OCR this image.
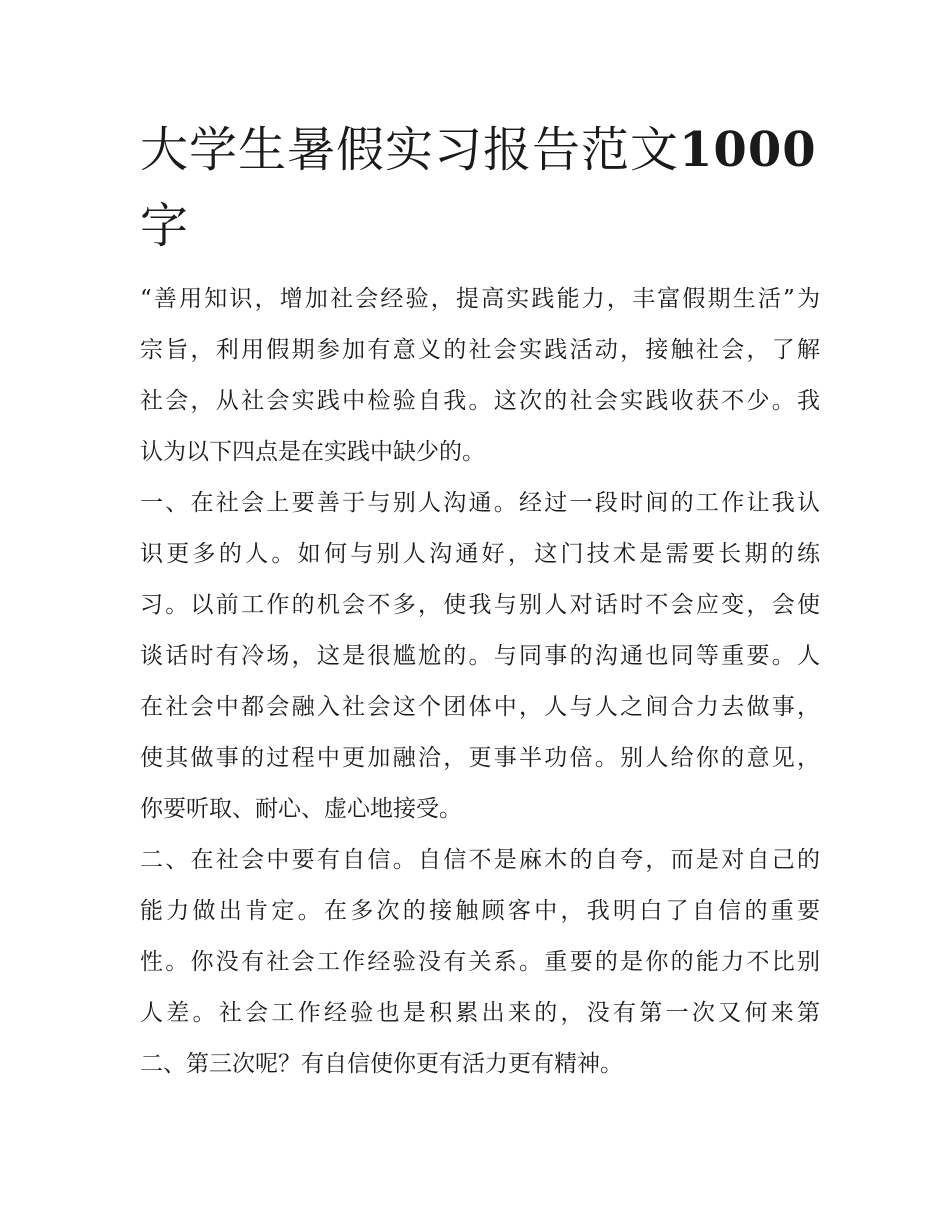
大学生暑假实习报告范文1000
字
“善用知识，增加社会经验，提高实践能力，丰富假期生活”为
宗旨，利用假期参加有意义的社会实践活动，接触社会，了解
社会，从社会实践中检验自我。这次的社会实践收获不少。我
认为以下四点是在实践中缺少的。
一、在社会上要善于与别人沟通。经过一段时间的工作让我认
识更多的人。如何与别人沟通好，这门技术是需要长期的练
习。以前工作的机会不多，使我与别人对话时不会应变，会使
谈话时有冷场，这是很尴尬的。与同事的沟通也同等重要。人
在社会中都会融入社会这个团体中，人与人之间合力去做事，
使其做事的过程中更加融洽，更事半功倍。别人给你的意见，
你要听取、耐心、虚心地接受。
二、在社会中要有自信。自信不是麻木的自夸，而是对自己的
能力做出肯定。在多次的接触顾客中，我明白了自信的重要
性。你没有社会工作经验没有关系。重要的是你的能力不比别
人差。社会工作经验也是积累出来的，没有第一次又何来第
二、第三次呢？有自信使你更有活力更有精神。
